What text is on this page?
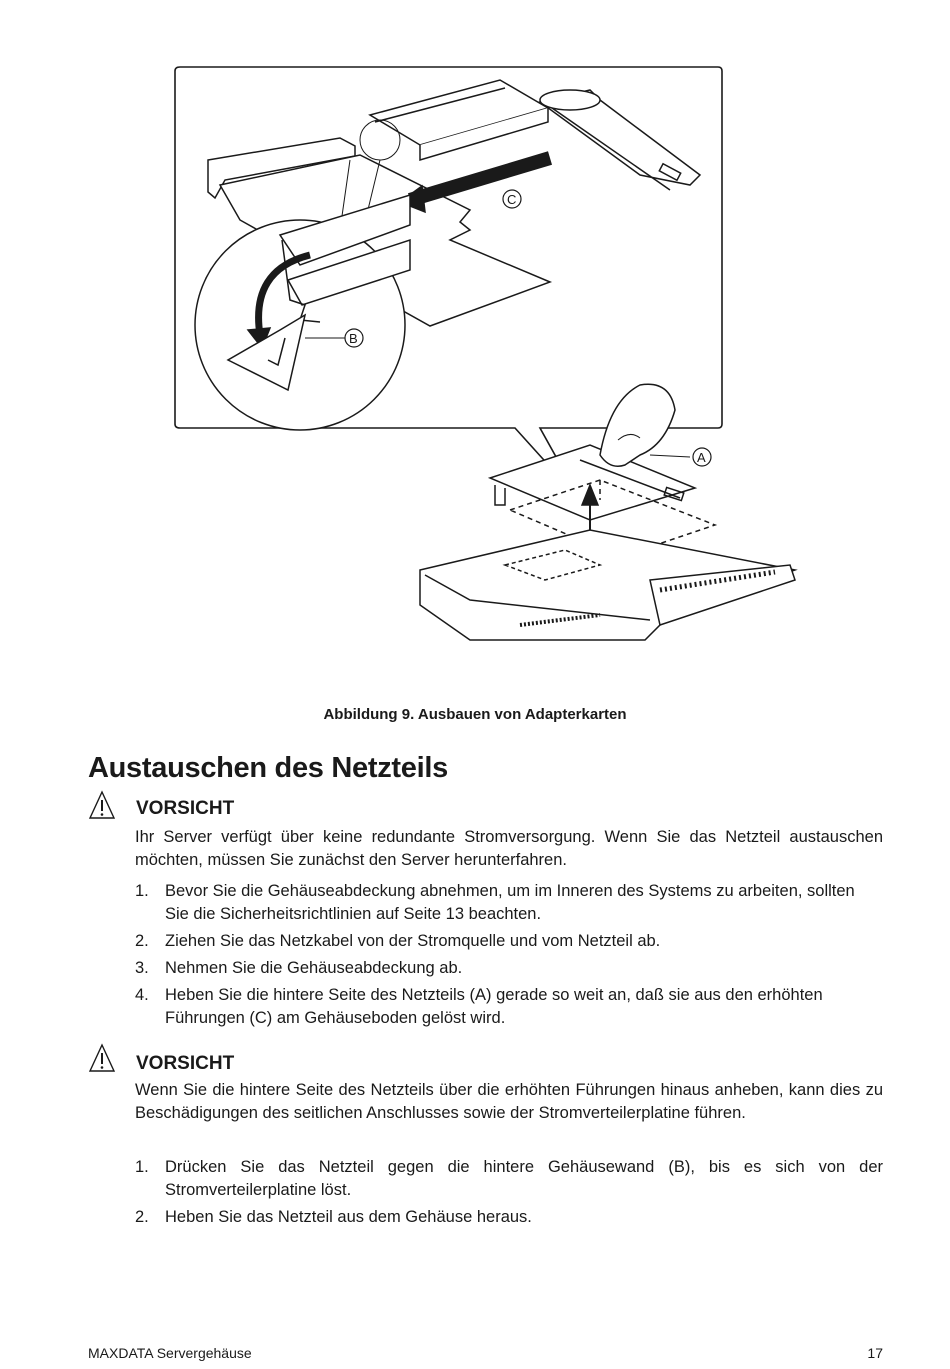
C
B
A
Abbildung 9. Ausbauen von Adapterkarten
Austauschen des Netzteils
VORSICHT
Ihr Server verfügt über keine redundante Stromversorgung. Wenn Sie das Netzteil austauschen möchten, müssen Sie zunächst den Server herunterfahren.
1. Bevor Sie die Gehäuseabdeckung abnehmen, um im Inneren des Systems zu arbeiten, sollten Sie die Sicherheitsrichtlinien auf Seite 13 beachten.
2. Ziehen Sie das Netzkabel von der Stromquelle und vom Netzteil ab.
3. Nehmen Sie die Gehäuseabdeckung ab.
4. Heben Sie die hintere Seite des Netzteils (A) gerade so weit an, daß sie aus den erhöhten Führungen (C) am Gehäuseboden gelöst wird.
VORSICHT
Wenn Sie die hintere Seite des Netzteils über die erhöhten Führungen hinaus anheben, kann dies zu Beschädigungen des seitlichen Anschlusses sowie der Stromverteilerplatine führen.
1. Drücken Sie das Netzteil gegen die hintere Gehäusewand (B), bis es sich von der Stromverteilerplatine löst.
2. Heben Sie das Netzteil aus dem Gehäuse heraus.
MAXDATA Servergehäuse	17
